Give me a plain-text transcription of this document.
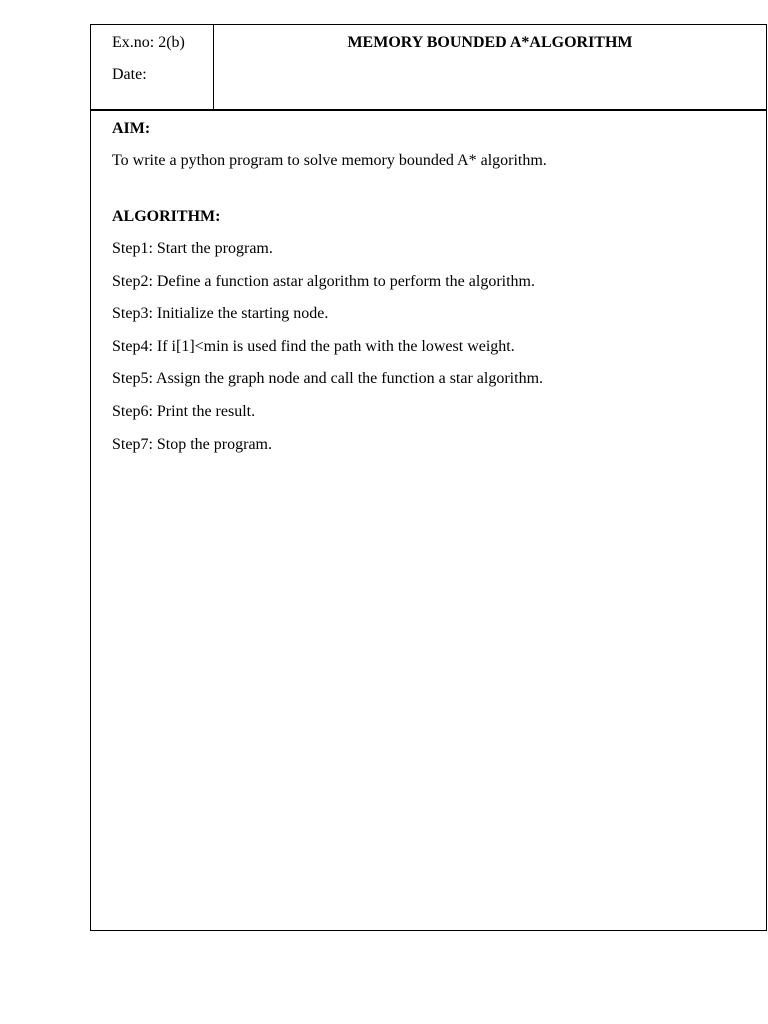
Ex.no: 2(b)
Date:
MEMORY BOUNDED A*ALGORITHM

AIM:

To write a python program to solve memory bounded A* algorithm.

ALGORITHM:

Step1: Start the program.
Step2: Define a function astar algorithm to perform the algorithm.
Step3: Initialize the starting node.
Step4: If i[1]<min is used find the path with the lowest weight.
Step5: Assign the graph node and call the function a star algorithm.
Step6: Print the result.
Step7: Stop the program.
